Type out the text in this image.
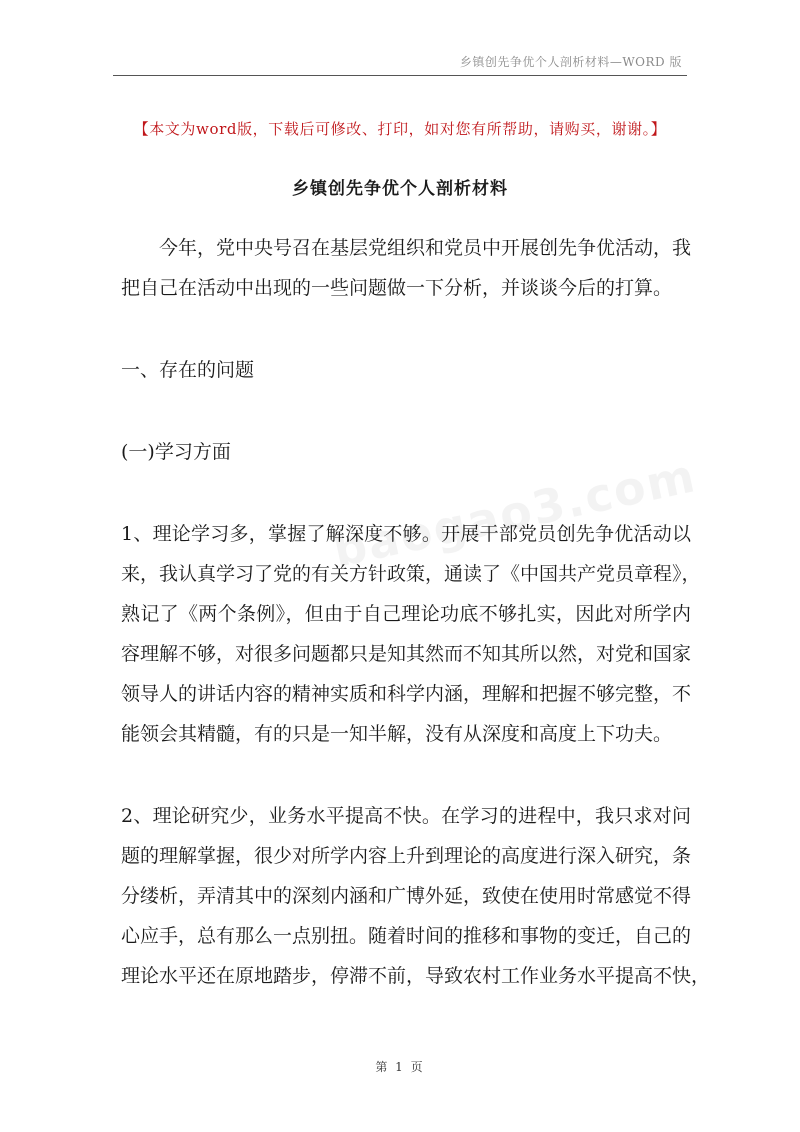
乡镇创先争优个人剖析材料—WORD 版
【本文为word版，下载后可修改、打印，如对您有所帮助，请购买，谢谢。】
乡镇创先争优个人剖析材料
今年，党中央号召在基层党组织和党员中开展创先争优活动，我
把自己在活动中出现的一些问题做一下分析，并谈谈今后的打算。
一、存在的问题
(一)学习方面
1、理论学习多，掌握了解深度不够。开展干部党员创先争优活动以
来，我认真学习了党的有关方针政策，通读了《中国共产党员章程》，
熟记了《两个条例》，但由于自己理论功底不够扎实，因此对所学内
容理解不够，对很多问题都只是知其然而不知其所以然，对党和国家
领导人的讲话内容的精神实质和科学内涵，理解和把握不够完整，不
能领会其精髓，有的只是一知半解，没有从深度和高度上下功夫。
2、理论研究少，业务水平提高不快。在学习的进程中，我只求对问
题的理解掌握，很少对所学内容上升到理论的高度进行深入研究，条
分缕析，弄清其中的深刻内涵和广博外延，致使在使用时常感觉不得
心应手，总有那么一点别扭。随着时间的推移和事物的变迁，自己的
理论水平还在原地踏步，停滞不前，导致农村工作业务水平提高不快，
第 1 页
